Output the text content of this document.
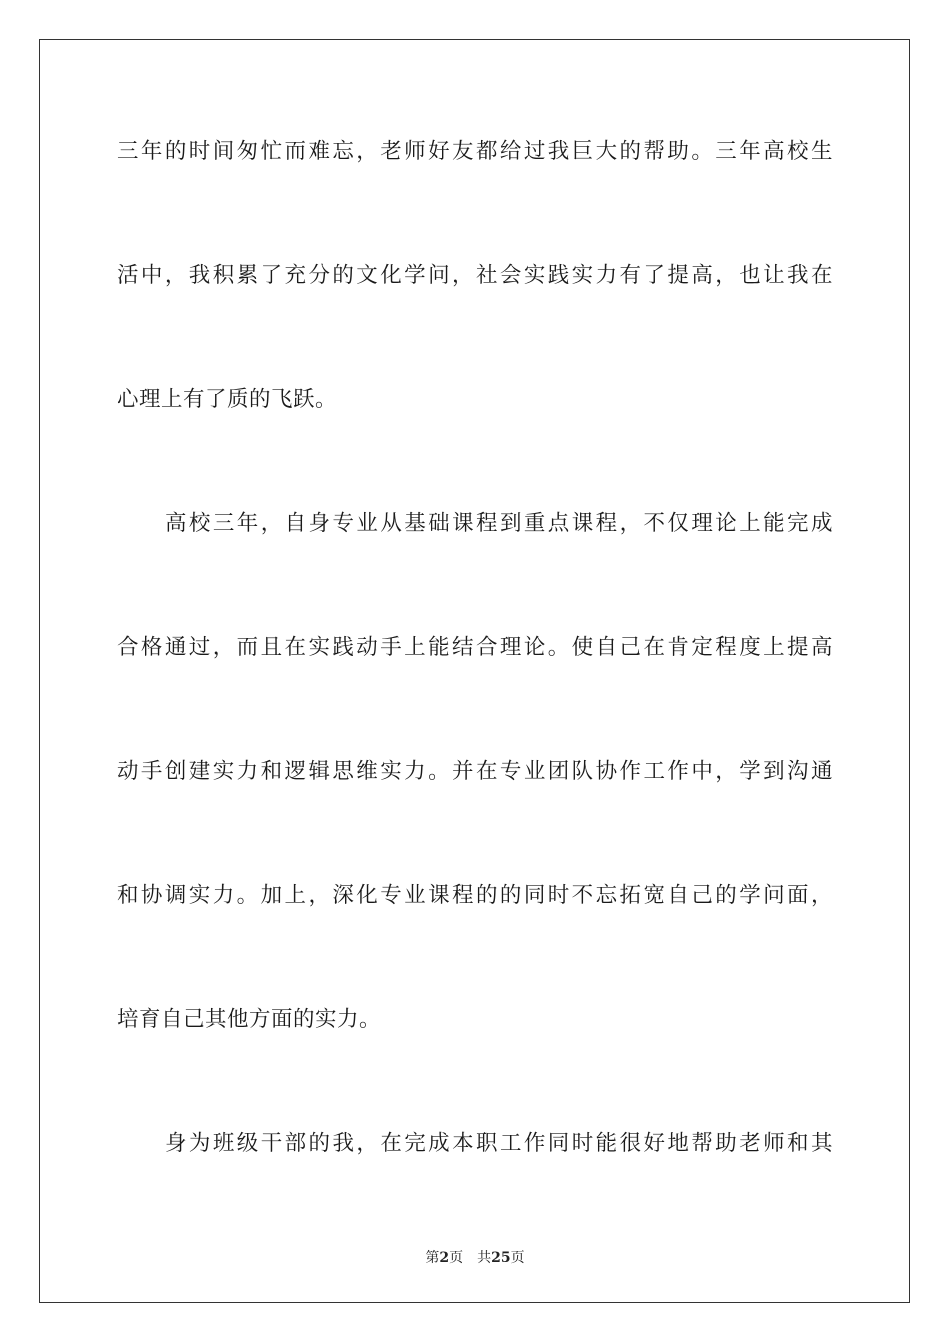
三年的时间匆忙而难忘，老师好友都给过我巨大的帮助。三年高校生
活中，我积累了充分的文化学问，社会实践实力有了提高，也让我在
心理上有了质的飞跃。
高校三年，自身专业从基础课程到重点课程，不仅理论上能完成
合格通过，而且在实践动手上能结合理论。使自己在肯定程度上提高
动手创建实力和逻辑思维实力。并在专业团队协作工作中，学到沟通
和协调实力。加上，深化专业课程的的同时不忘拓宽自己的学问面，
培育自己其他方面的实力。
身为班级干部的我，在完成本职工作同时能很好地帮助老师和其
第2页 共25页
